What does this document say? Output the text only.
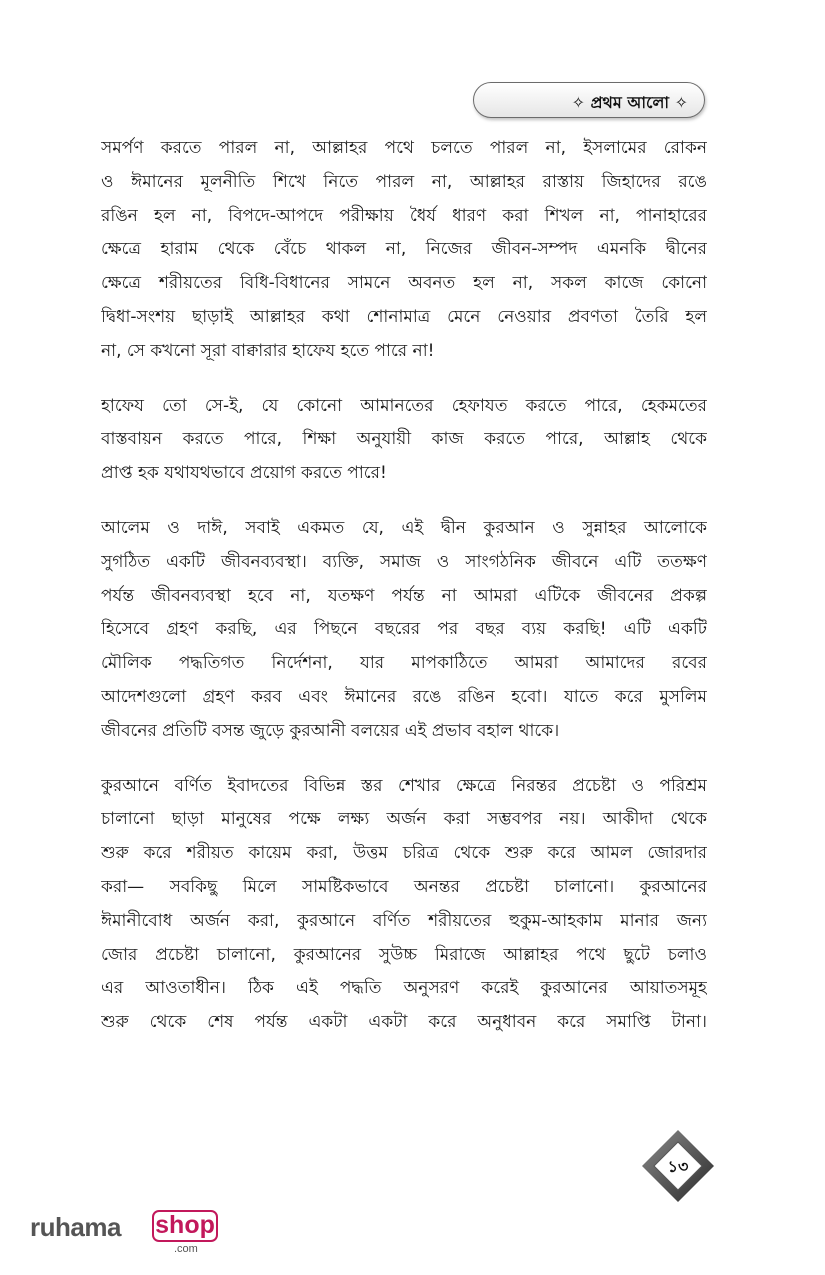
✧ প্রথম আলো ✧
সমর্পণ করতে পারল না, আল্লাহর পথে চলতে পারল না, ইসলামের রোকন
ও ঈমানের মূলনীতি শিখে নিতে পারল না, আল্লাহর রাস্তায় জিহাদের রঙে
রঙিন হল না, বিপদে-আপদে পরীক্ষায় ধৈর্য ধারণ করা শিখল না, পানাহারের
ক্ষেত্রে হারাম থেকে বেঁচে থাকল না, নিজের জীবন-সম্পদ এমনকি দ্বীনের
ক্ষেত্রে শরীয়তের বিধি-বিধানের সামনে অবনত হল না, সকল কাজে কোনো
দ্বিধা-সংশয় ছাড়াই আল্লাহর কথা শোনামাত্র মেনে নেওয়ার প্রবণতা তৈরি হল
না, সে কখনো সূরা বাক্বারার হাফেয হতে পারে না!
হাফেয তো সে-ই, যে কোনো আমানতের হেফাযত করতে পারে, হেকমতের
বাস্তবায়ন করতে পারে, শিক্ষা অনুযায়ী কাজ করতে পারে, আল্লাহ থেকে
প্রাপ্ত হক যথাযথভাবে প্রয়োগ করতে পারে!
আলেম ও দাঈ, সবাই একমত যে, এই দ্বীন কুরআন ও সুন্নাহর আলোকে
সুগঠিত একটি জীবনব্যবস্থা। ব্যক্তি, সমাজ ও সাংগঠনিক জীবনে এটি ততক্ষণ
পর্যন্ত জীবনব্যবস্থা হবে না, যতক্ষণ পর্যন্ত না আমরা এটিকে জীবনের প্রকল্প
হিসেবে গ্রহণ করছি, এর পিছনে বছরের পর বছর ব্যয় করছি! এটি একটি
মৌলিক পদ্ধতিগত নির্দেশনা, যার মাপকাঠিতে আমরা আমাদের রবের
আদেশগুলো গ্রহণ করব এবং ঈমানের রঙে রঙিন হবো। যাতে করে মুসলিম
জীবনের প্রতিটি বসন্ত জুড়ে কুরআনী বলয়ের এই প্রভাব বহাল থাকে।
কুরআনে বর্ণিত ইবাদতের বিভিন্ন স্তর শেখার ক্ষেত্রে নিরন্তর প্রচেষ্টা ও পরিশ্রম
চালানো ছাড়া মানুষের পক্ষে লক্ষ্য অর্জন করা সম্ভবপর নয়। আকীদা থেকে
শুরু করে শরীয়ত কায়েম করা, উত্তম চরিত্র থেকে শুরু করে আমল জোরদার
করা— সবকিছু মিলে সামষ্টিকভাবে অনন্তর প্রচেষ্টা চালানো। কুরআনের
ঈমানীবোধ অর্জন করা, কুরআনে বর্ণিত শরীয়তের হুকুম-আহকাম মানার জন্য
জোর প্রচেষ্টা চালানো, কুরআনের সুউচ্চ মিরাজে আল্লাহর পথে ছুটে চলাও
এর আওতাধীন। ঠিক এই পদ্ধতি অনুসরণ করেই কুরআনের আয়াতসমূহ
শুরু থেকে শেষ পর্যন্ত একটা একটা করে অনুধাবন করে সমাপ্তি টানা।
১৩
ruhama shop
.com
